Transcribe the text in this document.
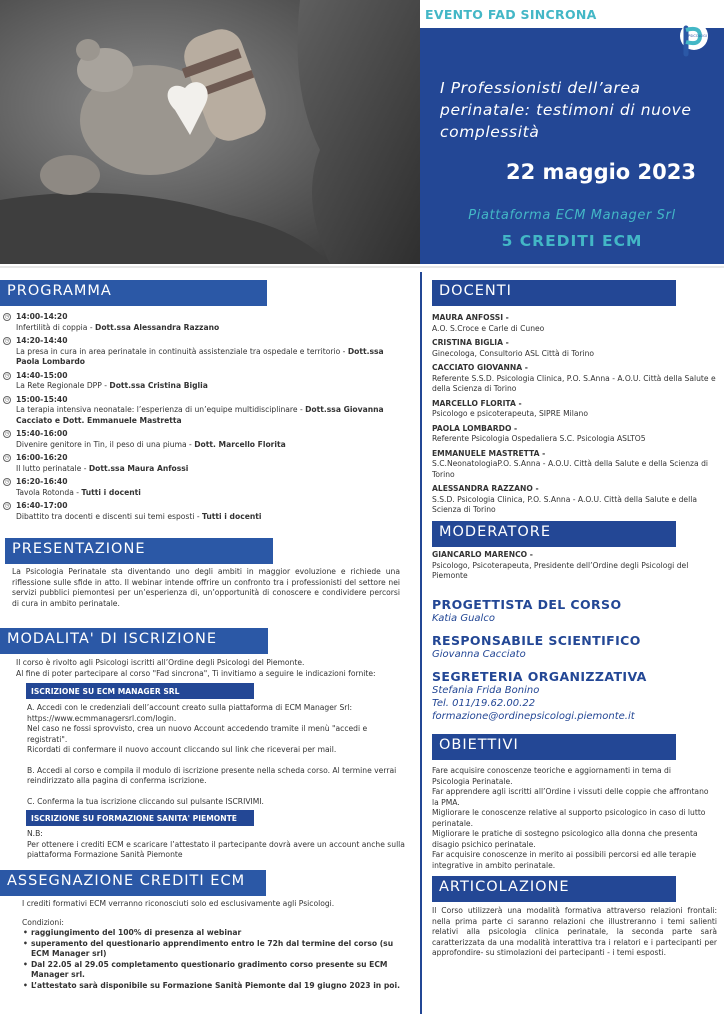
EVENTO FAD SINCRONA
PSICOLOGI
I Professionisti dell’area perinatale: testimoni di nuove complessità
22 maggio 2023
Piattaforma ECM Manager Srl
5 CREDITI ECM
PROGRAMMA
◷ 14:00-14:20
Infertilità di coppia - Dott.ssa Alessandra Razzano
◷ 14:20-14:40
La presa in cura in area perinatale in continuità assistenziale tra ospedale e territorio - Dott.ssa Paola Lombardo
◷ 14:40-15:00
La Rete Regionale DPP - Dott.ssa Cristina Biglia
◷ 15:00-15:40
La terapia intensiva neonatale: l’esperienza di un’equipe multidisciplinare - Dott.ssa Giovanna Cacciato e Dott. Emmanuele Mastretta
◷ 15:40-16:00
Divenire genitore in Tin, il peso di una piuma - Dott. Marcello Florita
◷ 16:00-16:20
Il lutto perinatale - Dott.ssa Maura Anfossi
◷ 16:20-16:40
Tavola Rotonda - Tutti i docenti
◷ 16:40-17:00
Dibattito tra docenti e discenti sui temi esposti - Tutti i docenti
PRESENTAZIONE
La Psicologia Perinatale sta diventando uno degli ambiti in maggior evoluzione e richiede una riflessione sulle sfide in atto. Il webinar intende offrire un confronto tra i professionisti del settore nei servizi pubblici piemontesi per un’esperienza di, un’opportunità di conoscere e condividere percorsi di cura in ambito perinatale.
MODALITA' DI ISCRIZIONE
Il corso è rivolto agli Psicologi iscritti all’Ordine degli Psicologi del Piemonte.
Al fine di poter partecipare al corso "Fad sincrona", Ti invitiamo a seguire le indicazioni fornite:
ISCRIZIONE SU ECM MANAGER SRL
A. Accedi con le credenziali dell’account creato sulla piattaforma di ECM Manager Srl:
https://www.ecmmanagersrl.com/login.
Nel caso ne fossi sprovvisto, crea un nuovo Account accedendo tramite il menù "accedi e registrati".
Ricordati di confermare il nuovo account cliccando sul link che riceverai per mail.
B. Accedi al corso e compila il modulo di iscrizione presente nella scheda corso. Al termine verrai reindirizzato alla pagina di conferma iscrizione.
C. Conferma la tua iscrizione cliccando sul pulsante ISCRIVIMI.
ISCRIZIONE SU FORMAZIONE SANITA' PIEMONTE
N.B:
Per ottenere i crediti ECM e scaricare l’attestato il partecipante dovrà avere un account anche sulla piattaforma Formazione Sanità Piemonte
ASSEGNAZIONE CREDITI ECM
I crediti formativi ECM verranno riconosciuti solo ed esclusivamente agli Psicologi.
Condizioni:
• raggiungimento del 100% di presenza al webinar
• superamento del questionario apprendimento entro le 72h dal termine del corso (su ECM Manager srl)
• Dal 22.05 al 29.05 completamento questionario gradimento corso presente su ECM Manager srl.
• L’attestato sarà disponibile su Formazione Sanità Piemonte dal 19 giugno 2023 in poi.
DOCENTI
MAURA ANFOSSI -
A.O. S.Croce e Carle di Cuneo
CRISTINA BIGLIA -
Ginecologa, Consultorio ASL Città di Torino
CACCIATO GIOVANNA -
Referente S.S.D. Psicologia Clinica, P.O. S.Anna - A.O.U. Città della Salute e della Scienza di Torino
MARCELLO FLORITA -
Psicologo e psicoterapeuta, SIPRE Milano
PAOLA LOMBARDO -
Referente Psicologia Ospedaliera S.C. Psicologia ASLTO5
EMMANUELE MASTRETTA -
S.C.NeonatologiaP.O. S.Anna - A.O.U. Città della Salute e della Scienza di Torino
ALESSANDRA RAZZANO -
S.S.D. Psicologia Clinica, P.O. S.Anna - A.O.U. Città della Salute e della Scienza di Torino
MODERATORE
GIANCARLO MARENCO -
Psicologo, Psicoterapeuta, Presidente dell’Ordine degli Psicologi del Piemonte
PROGETTISTA DEL CORSO
Katia Gualco
RESPONSABILE SCIENTIFICO
Giovanna Cacciato
SEGRETERIA ORGANIZZATIVA
Stefania Frida Bonino
Tel. 011/19.62.00.22
formazione@ordinepsicologi.piemonte.it
OBIETTIVI
Fare acquisire conoscenze teoriche e aggiornamenti in tema di Psicologia Perinatale.
Far apprendere agli iscritti all’Ordine i vissuti delle coppie che affrontano la PMA.
Migliorare le conoscenze relative al supporto psicologico in caso di lutto perinatale.
Migliorare le pratiche di sostegno psicologico alla donna che presenta disagio psichico perinatale.
Far acquisire conoscenze in merito ai possibili percorsi ed alle terapie integrative in ambito perinatale.
ARTICOLAZIONE
Il Corso utilizzerà una modalità formativa attraverso relazioni frontali: nella prima parte ci saranno relazioni che illustreranno i temi salienti relativi alla psicologia clinica perinatale, la seconda parte sarà caratterizzata da una modalità interattiva tra i relatori e i partecipanti per approfondire- su stimolazioni dei partecipanti - i temi esposti.
